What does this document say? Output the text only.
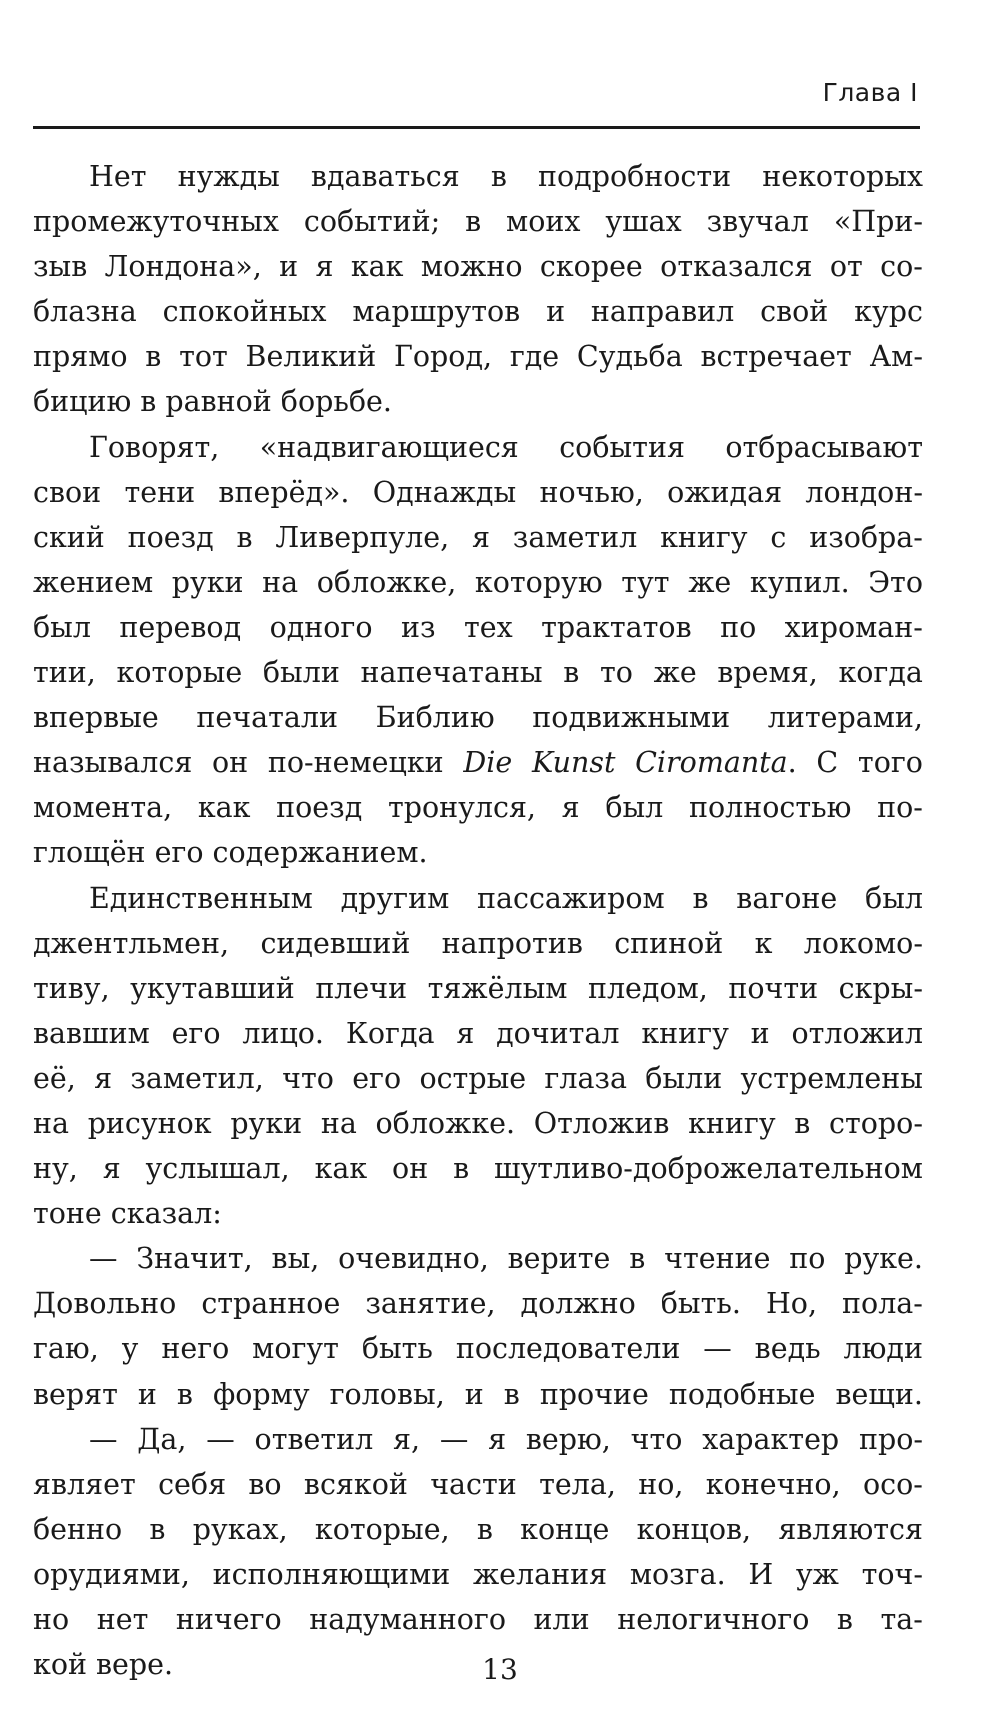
Глава I
Нет нужды вдаваться в подробности некоторых
промежуточных событий; в моих ушах звучал «При-
зыв Лондона», и я как можно скорее отказался от со-
блазна спокойных маршрутов и направил свой курс
прямо в тот Великий Город, где Судьба встречает Ам-
бицию в равной борьбе.
Говорят, «надвигающиеся события отбрасывают
свои тени вперёд». Однажды ночью, ожидая лондон-
ский поезд в Ливерпуле, я заметил книгу с изобра-
жением руки на обложке, которую тут же купил. Это
был перевод одного из тех трактатов по хироман-
тии, которые были напечатаны в то же время, когда
впервые печатали Библию подвижными литерами,
назывался он по-немецки Die Kunst Ciromanta. С того
момента, как поезд тронулся, я был полностью по-
глощён его содержанием.
Единственным другим пассажиром в вагоне был
джентльмен, сидевший напротив спиной к локомо-
тиву, укутавший плечи тяжёлым пледом, почти скры-
вавшим его лицо. Когда я дочитал книгу и отложил
её, я заметил, что его острые глаза были устремлены
на рисунок руки на обложке. Отложив книгу в сторо-
ну, я услышал, как он в шутливо-доброжелательном
тоне сказал:
— Значит, вы, очевидно, верите в чтение по руке.
Довольно странное занятие, должно быть. Но, пола-
гаю, у него могут быть последователи — ведь люди
верят и в форму головы, и в прочие подобные вещи.
— Да, — ответил я, — я верю, что характер про-
являет себя во всякой части тела, но, конечно, осо-
бенно в руках, которые, в конце концов, являются
орудиями, исполняющими желания мозга. И уж точ-
но нет ничего надуманного или нелогичного в та-
кой вере.	13
